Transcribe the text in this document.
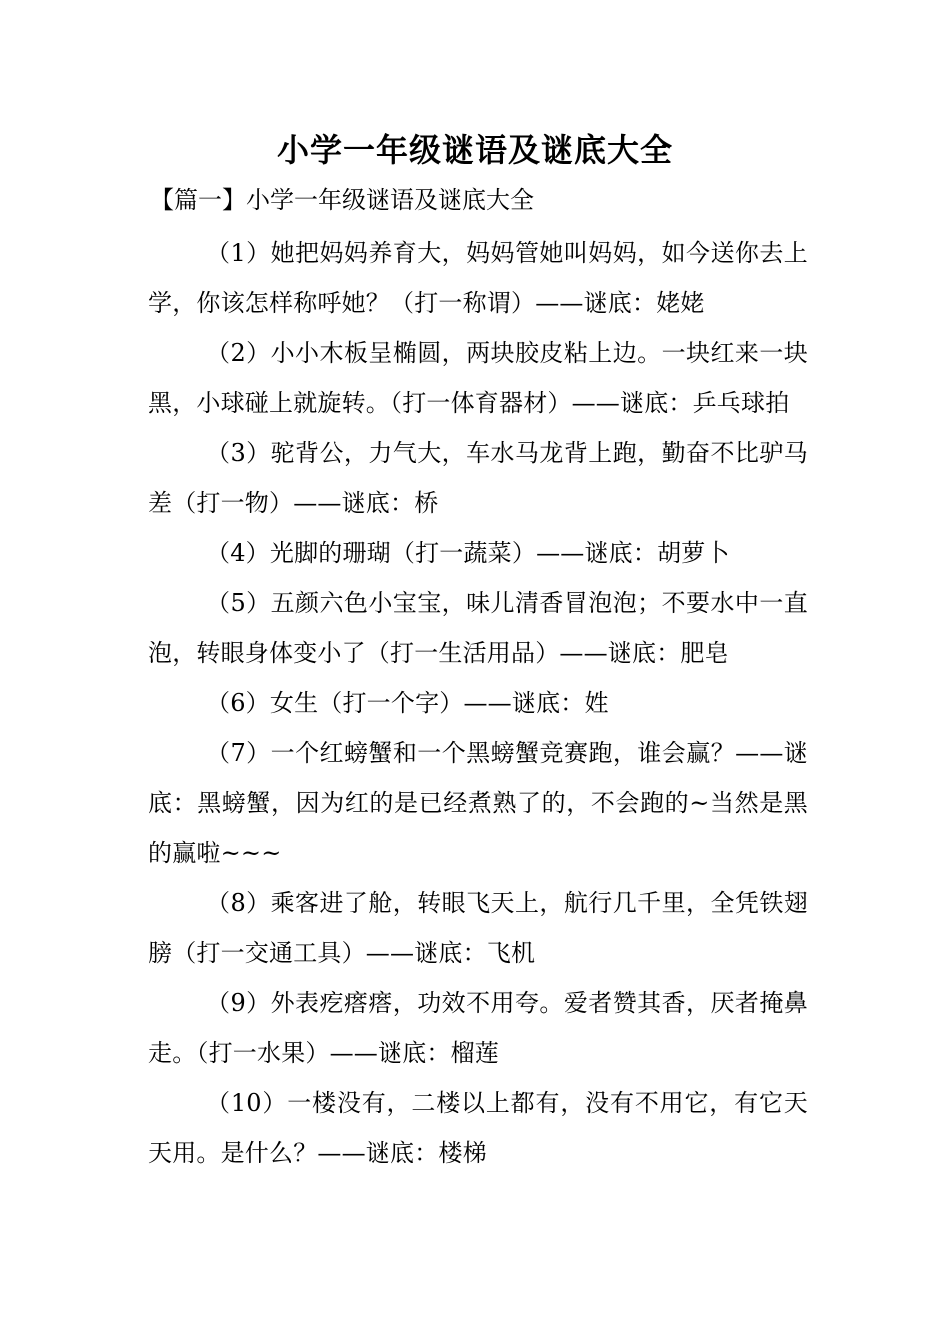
小学一年级谜语及谜底大全
【篇一】小学一年级谜语及谜底大全

（1）她把妈妈养育大，妈妈管她叫妈妈，如今送你去上学，你该怎样称呼她？（打一称谓）——谜底：姥姥

（2）小小木板呈椭圆，两块胶皮粘上边。一块红来一块黑，小球碰上就旋转。（打一体育器材）——谜底：乒乓球拍

（3）驼背公，力气大，车水马龙背上跑，勤奋不比驴马差（打一物）——谜底：桥

（4）光脚的珊瑚（打一蔬菜）——谜底：胡萝卜

（5）五颜六色小宝宝，味儿清香冒泡泡；不要水中一直泡，转眼身体变小了（打一生活用品）——谜底：肥皂

（6）女生（打一个字）——谜底：姓

（7）一个红螃蟹和一个黑螃蟹竞赛跑，谁会赢？——谜底：黑螃蟹，因为红的是已经煮熟了的，不会跑的~当然是黑的赢啦~~~

（8）乘客进了舱，转眼飞天上，航行几千里，全凭铁翅膀（打一交通工具）——谜底：飞机

（9）外表疙瘩瘩，功效不用夸。爱者赞其香，厌者掩鼻走。（打一水果）——谜底：榴莲

（10）一楼没有，二楼以上都有，没有不用它，有它天天用。是什么？——谜底：楼梯
